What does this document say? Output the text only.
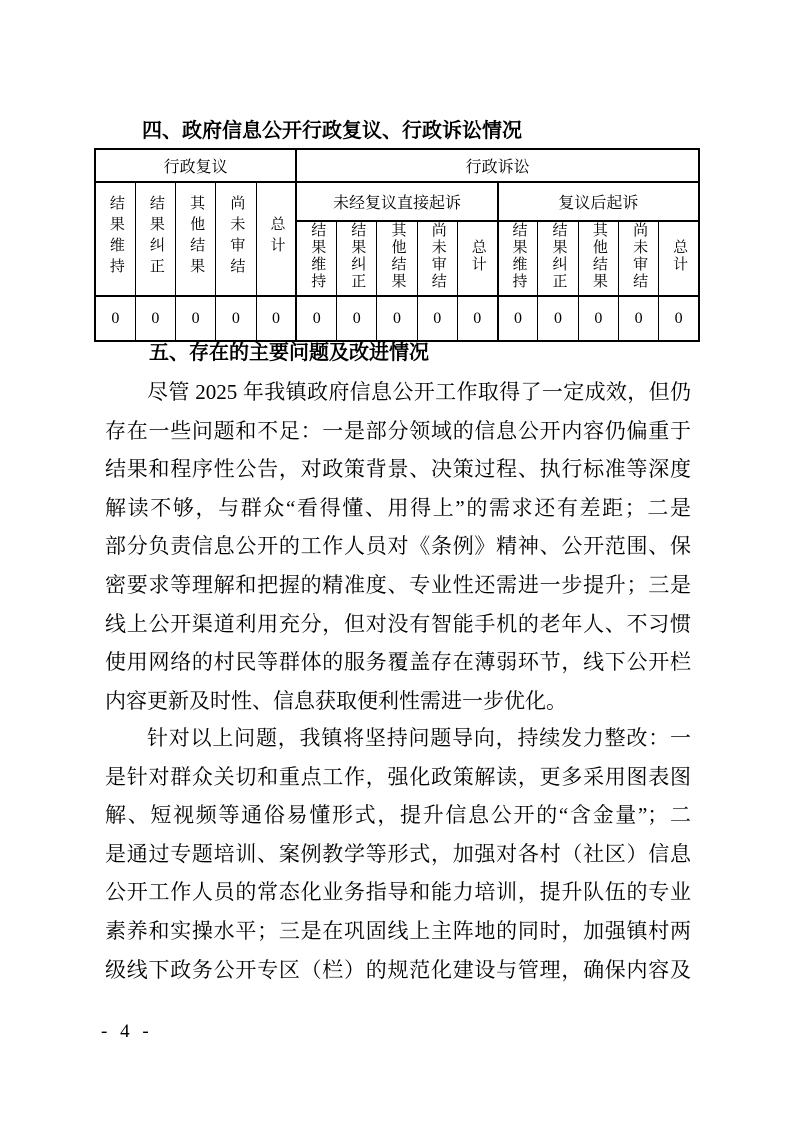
四、政府信息公开行政复议、行政诉讼情况
行政复议					行政诉讼									
结果维持	结果纠正	其他结果	尚未审结	总计	未经复议直接起诉					复议后起诉				
					结果维持	结果纠正	其他结果	尚未审结	总计	结果维持	结果纠正	其他结果	尚未审结	总计
0	0	0	0	0	0	0	0	0	0	0	0	0	0	0
五、存在的主要问题及改进情况
尽管 2025 年我镇政府信息公开工作取得了一定成效，但仍
存在一些问题和不足：一是部分领域的信息公开内容仍偏重于
结果和程序性公告，对政策背景、决策过程、执行标准等深度
解读不够，与群众“看得懂、用得上”的需求还有差距；二是
部分负责信息公开的工作人员对《条例》精神、公开范围、保
密要求等理解和把握的精准度、专业性还需进一步提升；三是
线上公开渠道利用充分，但对没有智能手机的老年人、不习惯
使用网络的村民等群体的服务覆盖存在薄弱环节，线下公开栏
内容更新及时性、信息获取便利性需进一步优化。
针对以上问题，我镇将坚持问题导向，持续发力整改：一
是针对群众关切和重点工作，强化政策解读，更多采用图表图
解、短视频等通俗易懂形式，提升信息公开的“含金量”；二
是通过专题培训、案例教学等形式，加强对各村（社区）信息
公开工作人员的常态化业务指导和能力培训，提升队伍的专业
素养和实操水平；三是在巩固线上主阵地的同时，加强镇村两
级线下政务公开专区（栏）的规范化建设与管理，确保内容及
- 4 -
